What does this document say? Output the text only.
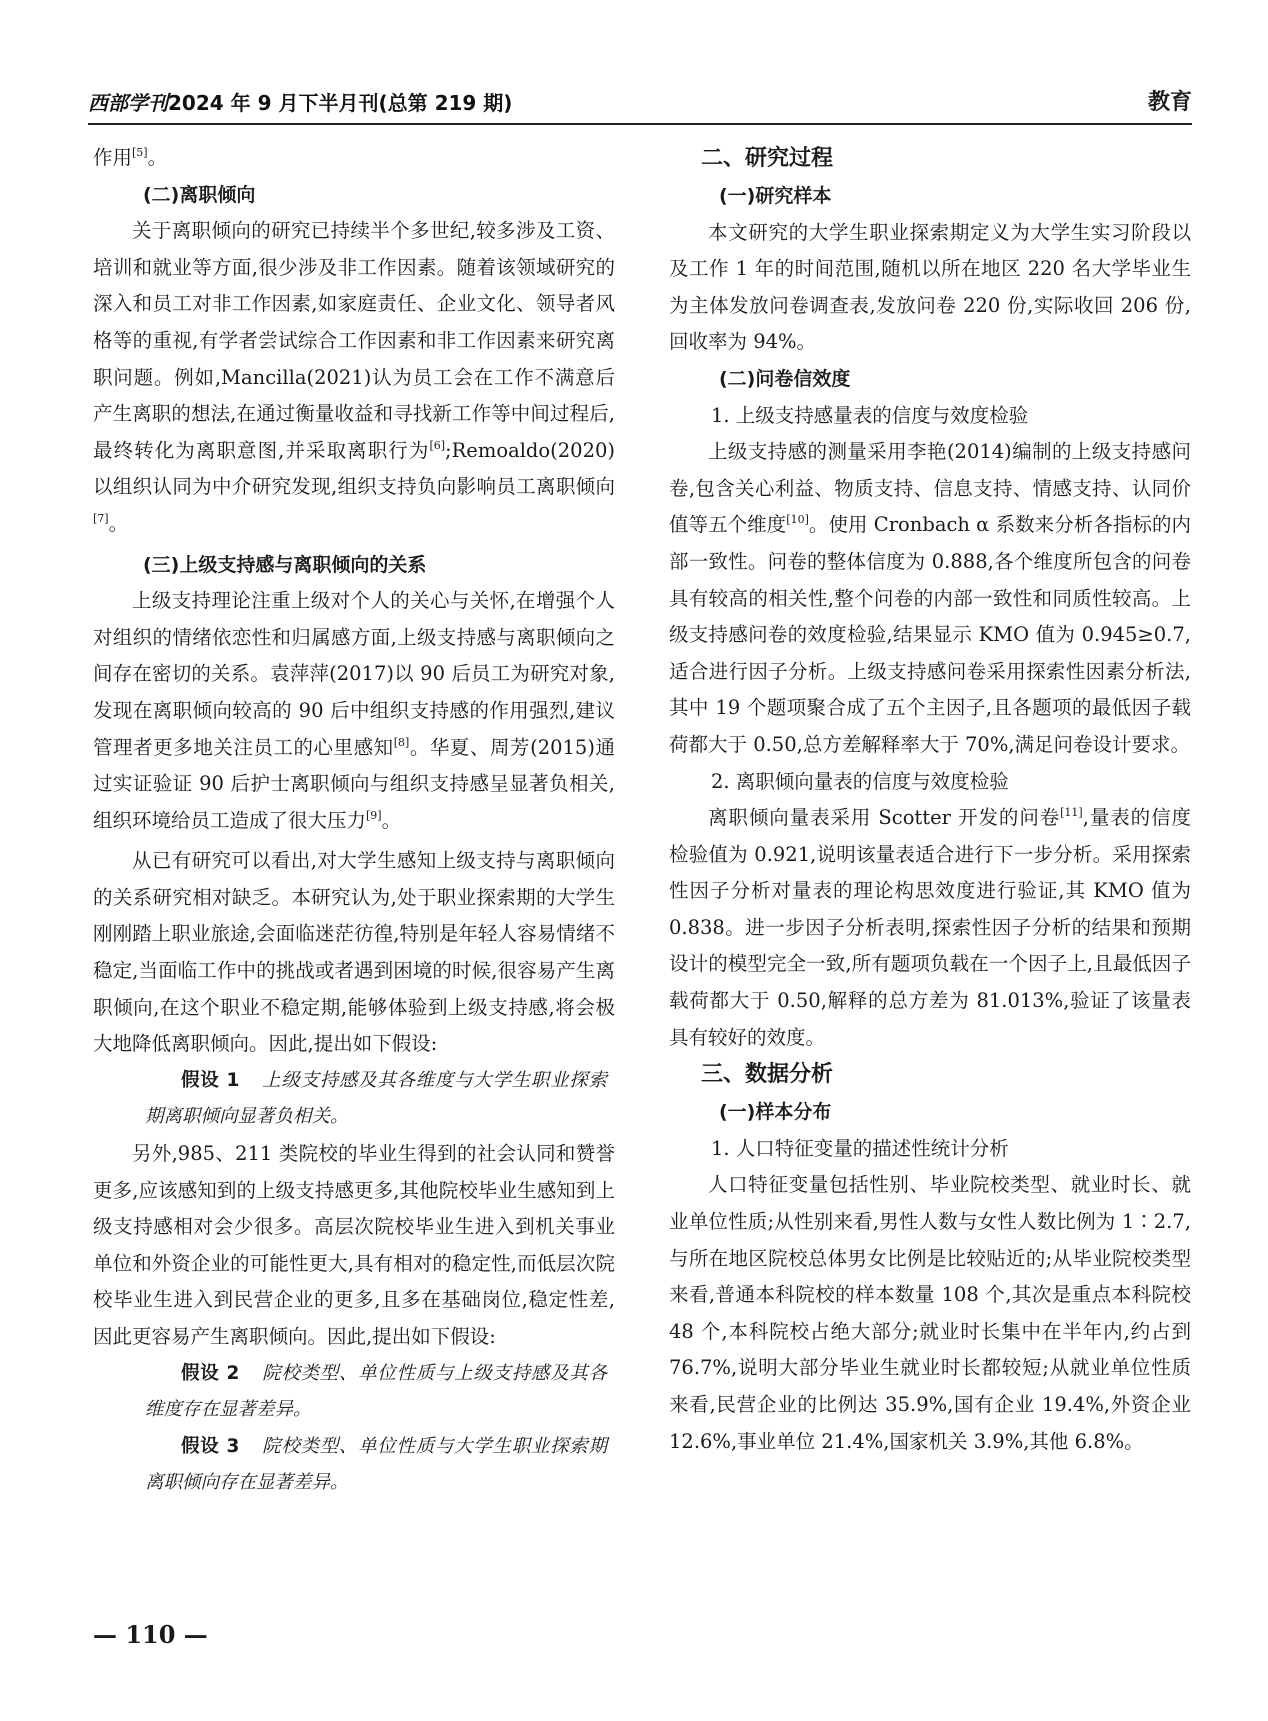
西部学刊2024 年 9 月下半月刊(总第 219 期)	教育

作用[5]。

(二)离职倾向

关于离职倾向的研究已持续半个多世纪,较多涉及工资、培训和就业等方面,很少涉及非工作因素。随着该领域研究的深入和员工对非工作因素,如家庭责任、企业文化、领导者风格等的重视,有学者尝试综合工作因素和非工作因素来研究离职问题。例如,Mancilla(2021)认为员工会在工作不满意后产生离职的想法,在通过衡量收益和寻找新工作等中间过程后,最终转化为离职意图,并采取离职行为[6];Remoaldo(2020)以组织认同为中介研究发现,组织支持负向影响员工离职倾向[7]。

(三)上级支持感与离职倾向的关系

上级支持理论注重上级对个人的关心与关怀,在增强个人对组织的情绪依恋性和归属感方面,上级支持感与离职倾向之间存在密切的关系。袁萍萍(2017)以 90 后员工为研究对象,发现在离职倾向较高的 90 后中组织支持感的作用强烈,建议管理者更多地关注员工的心里感知[8]。华夏、周芳(2015)通过实证验证 90 后护士离职倾向与组织支持感呈显著负相关,组织环境给员工造成了很大压力[9]。

从已有研究可以看出,对大学生感知上级支持与离职倾向的关系研究相对缺乏。本研究认为,处于职业探索期的大学生刚刚踏上职业旅途,会面临迷茫彷徨,特别是年轻人容易情绪不稳定,当面临工作中的挑战或者遇到困境的时候,很容易产生离职倾向,在这个职业不稳定期,能够体验到上级支持感,将会极大地降低离职倾向。因此,提出如下假设:

假设 1 上级支持感及其各维度与大学生职业探索期离职倾向显著负相关。

另外,985、211 类院校的毕业生得到的社会认同和赞誉更多,应该感知到的上级支持感更多,其他院校毕业生感知到上级支持感相对会少很多。高层次院校毕业生进入到机关事业单位和外资企业的可能性更大,具有相对的稳定性,而低层次院校毕业生进入到民营企业的更多,且多在基础岗位,稳定性差,因此更容易产生离职倾向。因此,提出如下假设:

假设 2 院校类型、单位性质与上级支持感及其各维度存在显著差异。

假设 3 院校类型、单位性质与大学生职业探索期离职倾向存在显著差异。

二、研究过程
(一)研究样本

本文研究的大学生职业探索期定义为大学生实习阶段以及工作 1 年的时间范围,随机以所在地区 220 名大学毕业生为主体发放问卷调查表,发放问卷 220 份,实际收回 206 份,回收率为 94%。

(二)问卷信效度
1. 上级支持感量表的信度与效度检验

上级支持感的测量采用李艳(2014)编制的上级支持感问卷,包含关心利益、物质支持、信息支持、情感支持、认同价值等五个维度[10]。使用 Cronbach α 系数来分析各指标的内部一致性。问卷的整体信度为 0.888,各个维度所包含的问卷具有较高的相关性,整个问卷的内部一致性和同质性较高。上级支持感问卷的效度检验,结果显示 KMO 值为 0.945≥0.7,适合进行因子分析。上级支持感问卷采用探索性因素分析法,其中 19 个题项聚合成了五个主因子,且各题项的最低因子载荷都大于 0.50,总方差解释率大于 70%,满足问卷设计要求。

2. 离职倾向量表的信度与效度检验

离职倾向量表采用 Scotter 开发的问卷[11],量表的信度检验值为 0.921,说明该量表适合进行下一步分析。采用探索性因子分析对量表的理论构思效度进行验证,其 KMO 值为 0.838。进一步因子分析表明,探索性因子分析的结果和预期设计的模型完全一致,所有题项负载在一个因子上,且最低因子载荷都大于 0.50,解释的总方差为 81.013%,验证了该量表具有较好的效度。

三、数据分析
(一)样本分布
1. 人口特征变量的描述性统计分析

人口特征变量包括性别、毕业院校类型、就业时长、就业单位性质;从性别来看,男性人数与女性人数比例为 1∶2.7,与所在地区院校总体男女比例是比较贴近的;从毕业院校类型来看,普通本科院校的样本数量 108 个,其次是重点本科院校 48 个,本科院校占绝大部分;就业时长集中在半年内,约占到 76.7%,说明大部分毕业生就业时长都较短;从就业单位性质来看,民营企业的比例达 35.9%,国有企业 19.4%,外资企业 12.6%,事业单位 21.4%,国家机关 3.9%,其他 6.8%。

— 110 —
